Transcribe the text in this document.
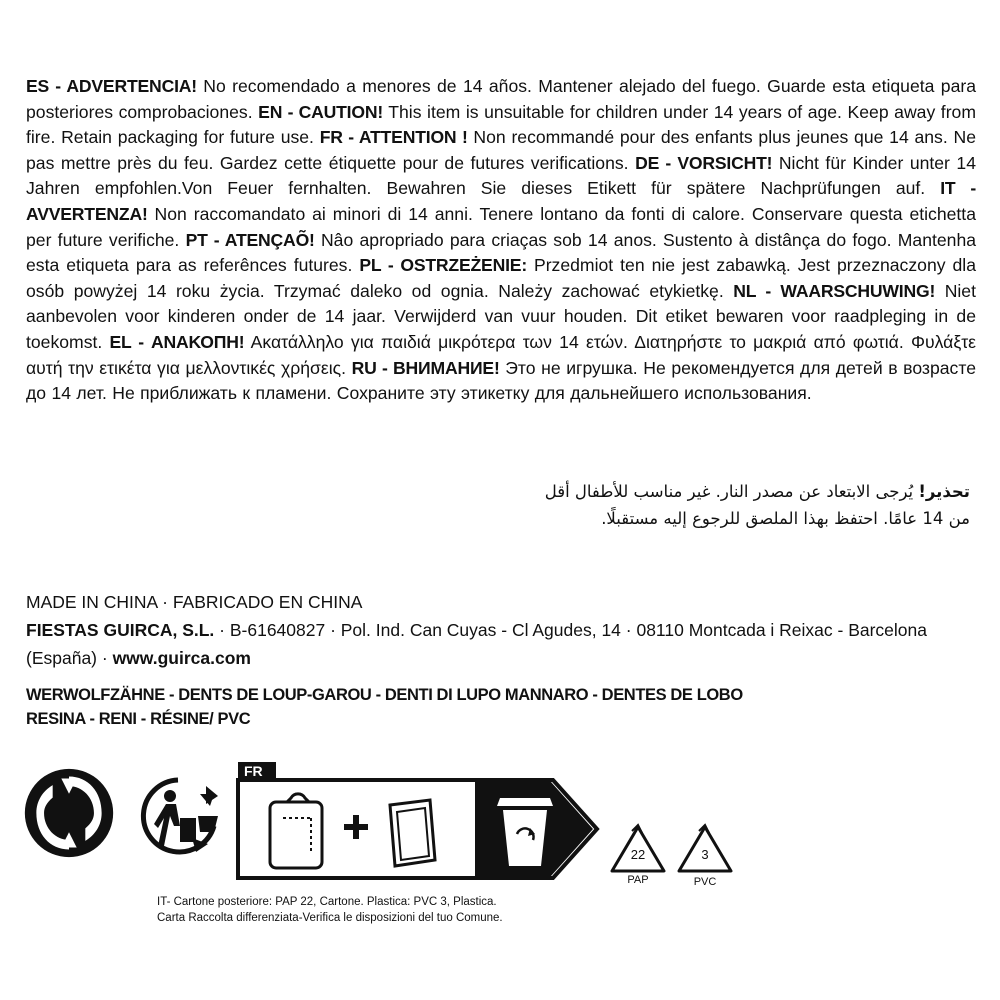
ES - ADVERTENCIA! No recomendado a menores de 14 años. Mantener alejado del fuego. Guarde esta etiqueta para posteriores comprobaciones. EN - CAUTION! This item is unsuitable for children under 14 years of age. Keep away from fire. Retain packaging for future use. FR - ATTENTION ! Non recommandé pour des enfants plus jeunes que 14 ans. Ne pas mettre près du feu. Gardez cette étiquette pour de futures verifications. DE - VORSICHT! Nicht für Kinder unter 14 Jahren empfohlen.Von Feuer fernhalten. Bewahren Sie dieses Etikett für spätere Nachprüfungen auf. IT - AVVERTENZA! Non raccomandato ai minori di 14 anni. Tenere lontano da fonti di calore. Conservare questa etichetta per future verifiche. PT - ATENÇAÕ! Nâo apropriado para criaças sob 14 anos. Sustento à distânça do fogo. Mantenha esta etiqueta para as referênces futures. PL - OSTRZEŻENIE: Przedmiot ten nie jest zabawką. Jest przeznaczony dla osób powyżej 14 roku życia. Trzymać daleko od ognia. Należy zachować etykietkę. NL - WAARSCHUWING! Niet aanbevolen voor kinderen onder de 14 jaar. Verwijderd van vuur houden. Dit etiket bewaren voor raadpleging in de toekomst. EL - ΑΝΑΚΟΠΗ! Ακατάλληλο για παιδιά μικρότερα των 14 ετών. Διατηρήστε το μακριά από φωτιά. Φυλάξτε αυτή την ετικέτα για μελλοντικές χρήσεις. RU - ВНИМАНИЕ! Это не игрушка. Не рекомендуется для детей в возрасте до 14 лет. Не приближать к пламени. Сохраните эту этикетку для дальнейшего использования.
تحذير! يُرجى الابتعاد عن مصدر النار. غير مناسب للأطفال أقل
من 14 عامًا. احتفظ بهذا الملصق للرجوع إليه مستقبلًا.
MADE IN CHINA · FABRICADO EN CHINA
FIESTAS GUIRCA, S.L. · B-61640827 · Pol. Ind. Can Cuyas - Cl Agudes, 14 · 08110 Montcada i Reixac - Barcelona (España) · www.guirca.com
WERWOLFZÄHNE - DENTS DE LOUP-GAROU - DENTI DI LUPO MANNARO - DENTES DE LOBO
RESINA - RENI - RÉSINE/ PVC
FR
22
PAP
3
PVC
IT- Cartone posteriore: PAP 22, Cartone. Plastica: PVC 3, Plastica.
Carta Raccolta differenziata-Verifica le disposizioni del tuo Comune.
